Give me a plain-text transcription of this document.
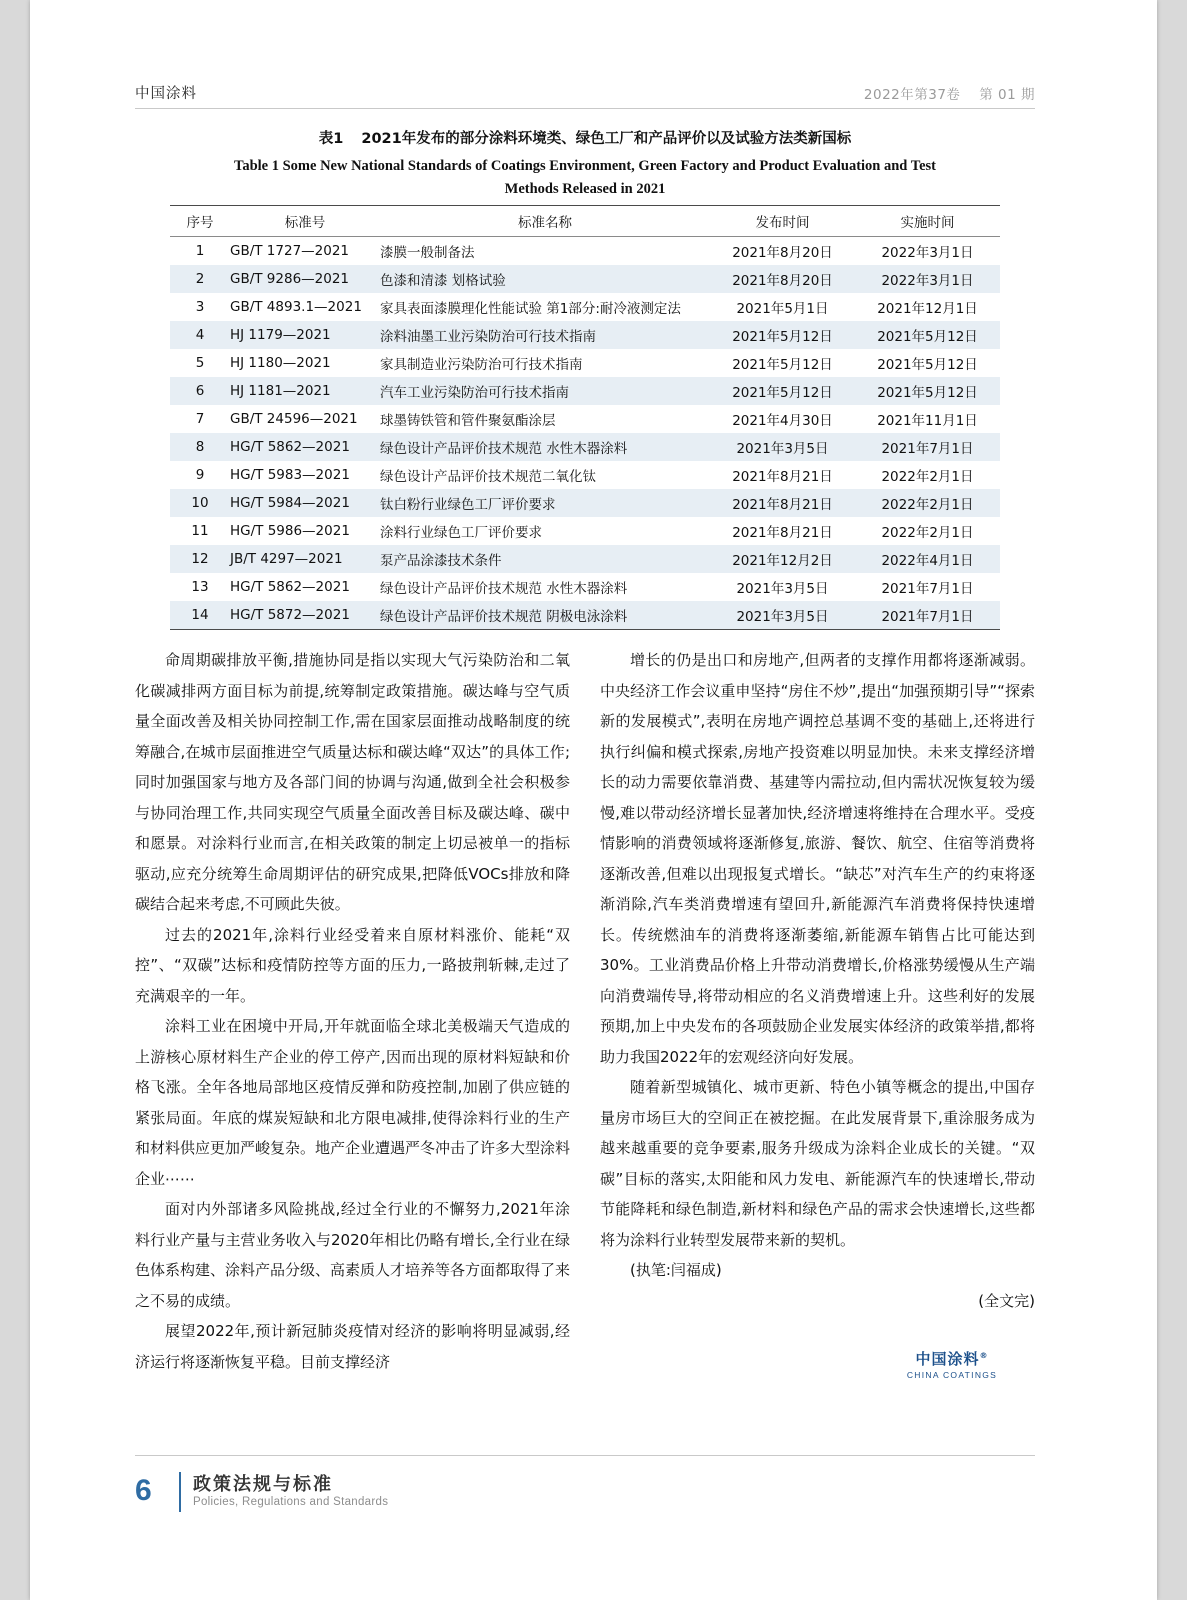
中国涂料	2022年第37卷 第 01 期
表1 2021年发布的部分涂料环境类、绿色工厂和产品评价以及试验方法类新国标
Table 1 Some New National Standards of Coatings Environment, Green Factory and Product Evaluation and Test
Methods Released in 2021
序号	标准号	标准名称	发布时间	实施时间
1	GB/T 1727—2021	漆膜一般制备法	2021年8月20日	2022年3月1日
2	GB/T 9286—2021	色漆和清漆 划格试验	2021年8月20日	2022年3月1日
3	GB/T 4893.1—2021	家具表面漆膜理化性能试验 第1部分:耐冷液测定法	2021年5月1日	2021年12月1日
4	HJ 1179—2021	涂料油墨工业污染防治可行技术指南	2021年5月12日	2021年5月12日
5	HJ 1180—2021	家具制造业污染防治可行技术指南	2021年5月12日	2021年5月12日
6	HJ 1181—2021	汽车工业污染防治可行技术指南	2021年5月12日	2021年5月12日
7	GB/T 24596—2021	球墨铸铁管和管件聚氨酯涂层	2021年4月30日	2021年11月1日
8	HG/T 5862—2021	绿色设计产品评价技术规范 水性木器涂料	2021年3月5日	2021年7月1日
9	HG/T 5983—2021	绿色设计产品评价技术规范二氧化钛	2021年8月21日	2022年2月1日
10	HG/T 5984—2021	钛白粉行业绿色工厂评价要求	2021年8月21日	2022年2月1日
11	HG/T 5986—2021	涂料行业绿色工厂评价要求	2021年8月21日	2022年2月1日
12	JB/T 4297—2021	泵产品涂漆技术条件	2021年12月2日	2022年4月1日
13	HG/T 5862—2021	绿色设计产品评价技术规范 水性木器涂料	2021年3月5日	2021年7月1日
14	HG/T 5872—2021	绿色设计产品评价技术规范 阴极电泳涂料	2021年3月5日	2021年7月1日

命周期碳排放平衡,措施协同是指以实现大气污染防治和二氧化碳减排两方面目标为前提,统筹制定政策措施。碳达峰与空气质量全面改善及相关协同控制工作,需在国家层面推动战略制度的统筹融合,在城市层面推进空气质量达标和碳达峰“双达”的具体工作;同时加强国家与地方及各部门间的协调与沟通,做到全社会积极参与协同治理工作,共同实现空气质量全面改善目标及碳达峰、碳中和愿景。对涂料行业而言,在相关政策的制定上切忌被单一的指标驱动,应充分统筹生命周期评估的研究成果,把降低VOCs排放和降碳结合起来考虑,不可顾此失彼。

过去的2021年,涂料行业经受着来自原材料涨价、能耗“双控”、“双碳”达标和疫情防控等方面的压力,一路披荆斩棘,走过了充满艰辛的一年。

涂料工业在困境中开局,开年就面临全球北美极端天气造成的上游核心原材料生产企业的停工停产,因而出现的原材料短缺和价格飞涨。全年各地局部地区疫情反弹和防疫控制,加剧了供应链的紧张局面。年底的煤炭短缺和北方限电减排,使得涂料行业的生产和材料供应更加严峻复杂。地产企业遭遇严冬冲击了许多大型涂料企业⋯⋯

面对内外部诸多风险挑战,经过全行业的不懈努力,2021年涂料行业产量与主营业务收入与2020年相比仍略有增长,全行业在绿色体系构建、涂料产品分级、高素质人才培养等各方面都取得了来之不易的成绩。

展望2022年,预计新冠肺炎疫情对经济的影响将明显减弱,经济运行将逐渐恢复平稳。目前支撑经济

增长的仍是出口和房地产,但两者的支撑作用都将逐渐减弱。中央经济工作会议重申坚持“房住不炒”,提出“加强预期引导”“探索新的发展模式”,表明在房地产调控总基调不变的基础上,还将进行执行纠偏和模式探索,房地产投资难以明显加快。未来支撑经济增长的动力需要依靠消费、基建等内需拉动,但内需状况恢复较为缓慢,难以带动经济增长显著加快,经济增速将维持在合理水平。受疫情影响的消费领域将逐渐修复,旅游、餐饮、航空、住宿等消费将逐渐改善,但难以出现报复式增长。“缺芯”对汽车生产的约束将逐渐消除,汽车类消费增速有望回升,新能源汽车消费将保持快速增长。传统燃油车的消费将逐渐萎缩,新能源车销售占比可能达到30%。工业消费品价格上升带动消费增长,价格涨势缓慢从生产端向消费端传导,将带动相应的名义消费增速上升。这些利好的发展预期,加上中央发布的各项鼓励企业发展实体经济的政策举措,都将助力我国2022年的宏观经济向好发展。

随着新型城镇化、城市更新、特色小镇等概念的提出,中国存量房市场巨大的空间正在被挖掘。在此发展背景下,重涂服务成为越来越重要的竞争要素,服务升级成为涂料企业成长的关键。“双碳”目标的落实,太阳能和风力发电、新能源汽车的快速增长,带动节能降耗和绿色制造,新材料和绿色产品的需求会快速增长,这些都将为涂料行业转型发展带来新的契机。

(执笔:闫福成)

(全文完)

中国涂料®
CHINA COATINGS
6 政策法规与标准
Policies, Regulations and Standards
